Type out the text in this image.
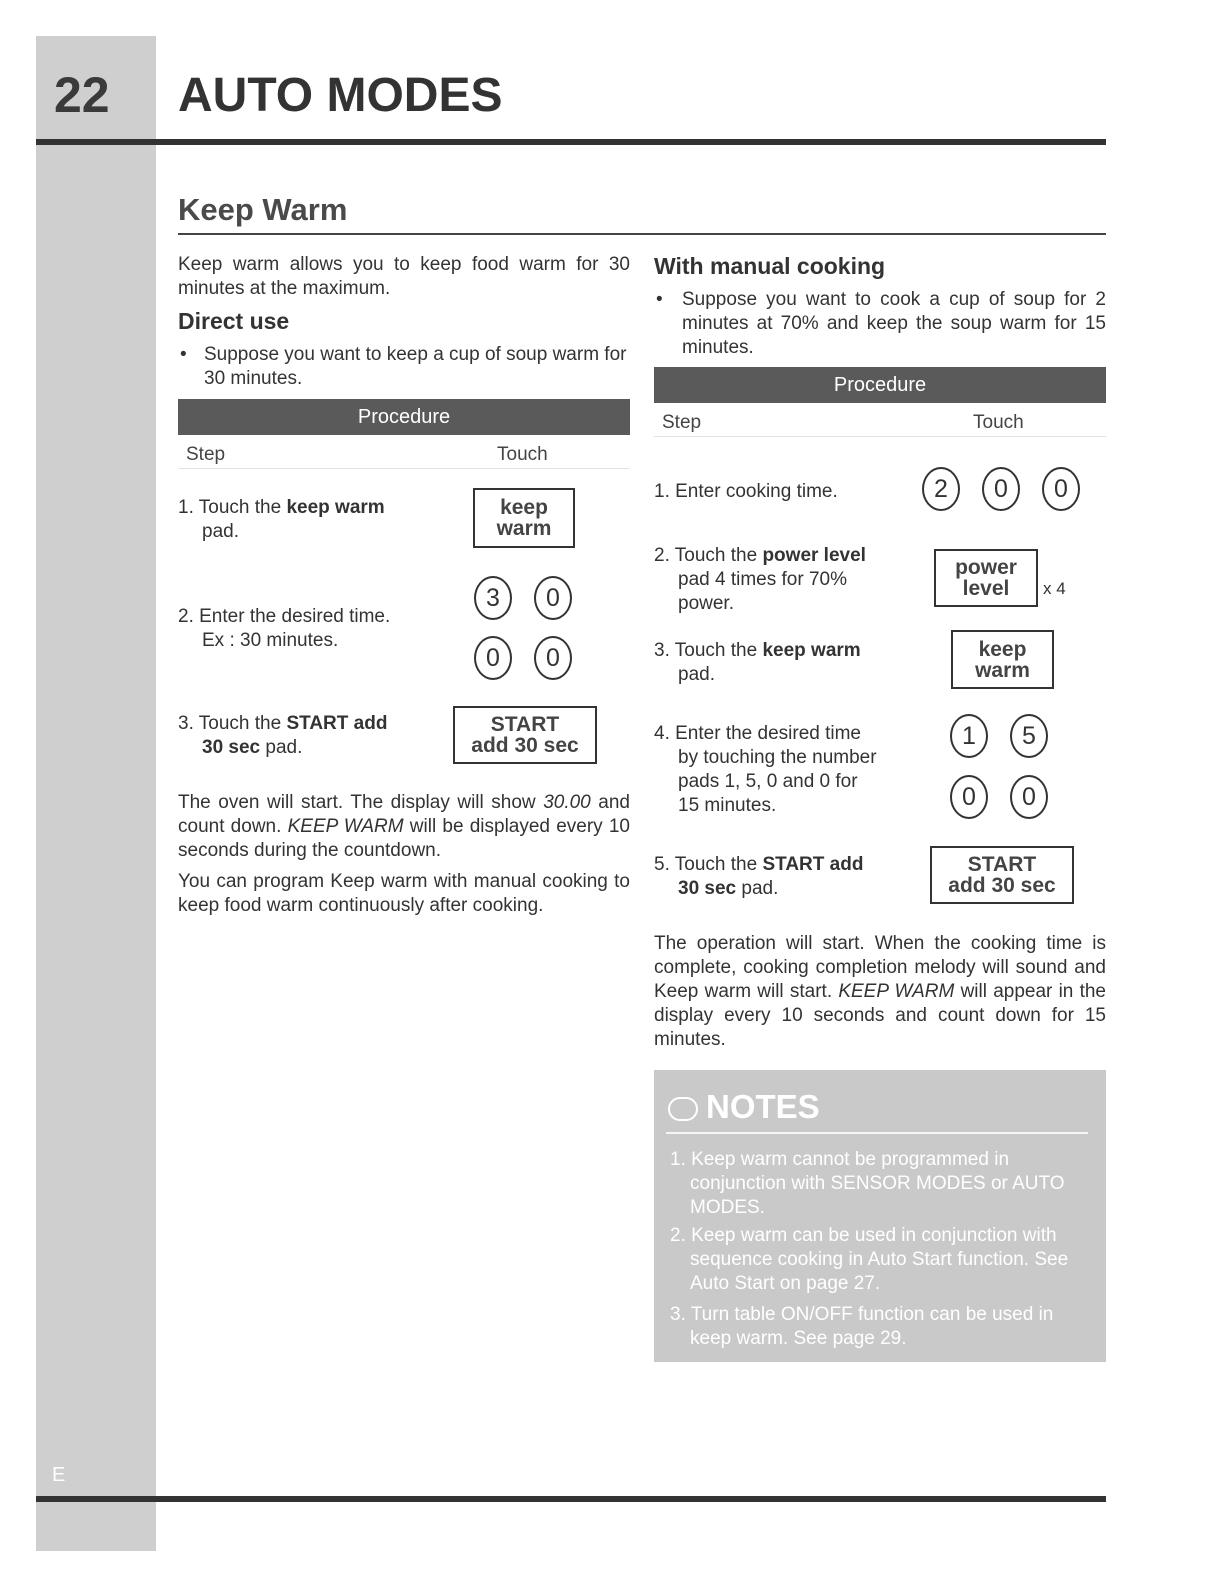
22
E
AUTO MODES
Keep Warm
Keep warm allows you to keep food warm for 30 minutes at the maximum.
Direct use
• Suppose you want to keep a cup of soup warm for 30 minutes.
Procedure
Step	Touch
1. Touch the keep warm
pad.
keep
warm
2. Enter the desired time.
Ex : 30 minutes.
3	0
0	0
3. Touch the START add
30 sec pad.
START
add 30 sec
The oven will start. The display will show 30.00 and count down. KEEP WARM will be displayed every 10 seconds during the countdown.
You can program Keep warm with manual cooking to keep food warm continuously after cooking.
With manual cooking
• Suppose you want to cook a cup of soup for 2 minutes at 70% and keep the soup warm for 15 minutes.
Procedure
Step	Touch
1. Enter cooking time.	2	0	0
2. Touch the power level
pad 4 times for 70%
power.
power
level	x 4
3. Touch the keep warm
pad.
keep
warm
4. Enter the desired time
by touching the number
pads 1, 5, 0 and 0 for
15 minutes.
1	5
0	0
5. Touch the START add
30 sec pad.
START
add 30 sec
The operation will start. When the cooking time is complete, cooking completion melody will sound and Keep warm will start. KEEP WARM will appear in the display every 10 seconds and count down for 15 minutes.
NOTES
1. Keep warm cannot be programmed in conjunction with SENSOR MODES or AUTO MODES.
2. Keep warm can be used in conjunction with sequence cooking in Auto Start function. See Auto Start on page 27.
3. Turn table ON/OFF function can be used in keep warm. See page 29.
